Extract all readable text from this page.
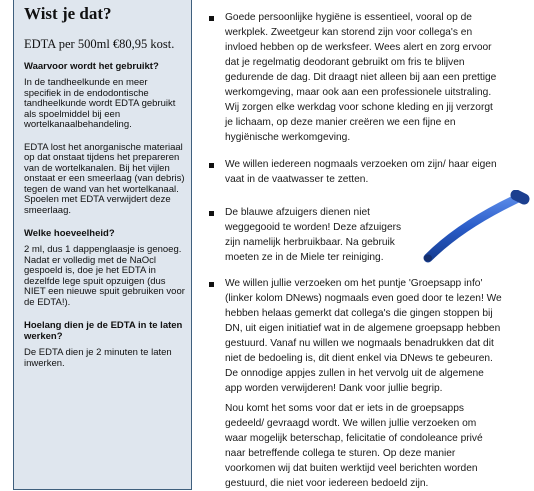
Wist je dat?
EDTA per 500ml €80,95 kost.
Waarvoor wordt het gebruikt?
In de tandheelkunde en meer specifiek in de endodontische tandheelkunde wordt EDTA gebruikt als spoelmiddel bij een wortelkanaalbehandeling.
EDTA lost het anorganische materiaal op dat onstaat tijdens het prepareren van de wortelkanalen. Bij het vijlen onstaat er een smeerlaag (van debris) tegen de wand van het wortelkanaal. Spoelen met EDTA verwijdert deze smeerlaag.
Welke hoeveelheid?
2 ml, dus 1 dappenglaasje is genoeg. Nadat er volledig met de NaOcl gespoeld is, doe je het EDTA in dezelfde lege spuit opzuigen (dus NIET een nieuwe spuit gebruiken voor de EDTA!).
Hoelang dien je de EDTA in te laten werken?
De EDTA dien je 2 minuten te laten inwerken.
Goede persoonlijke hygiëne is essentieel, vooral op de
werkplek. Zweetgeur kan storend zijn voor collega's en
invloed hebben op de werksfeer. Wees alert en zorg ervoor
dat je regelmatig deodorant gebruikt om fris te blijven
gedurende de dag. Dit draagt niet alleen bij aan een prettige
werkomgeving, maar ook aan een professionele uitstraling.
Wij zorgen elke werkdag voor schone kleding en jij verzorgt
je lichaam, op deze manier creëren we een fijne en
hygiënische werkomgeving.
We willen iedereen nogmaals verzoeken om zijn/ haar eigen
vaat in de vaatwasser te zetten.
De blauwe afzuigers dienen niet
weggegooid te worden! Deze afzuigers
zijn namelijk herbruikbaar. Na gebruik
moeten ze in de Miele ter reiniging.
We willen jullie verzoeken om het puntje 'Groepsapp info'
(linker kolom DNews) nogmaals even goed door te lezen! We
hebben helaas gemerkt dat collega's die gingen stoppen bij
DN, uit eigen initiatief wat in de algemene groepsapp hebben
gestuurd. Vanaf nu willen we nogmaals benadrukken dat dit
niet de bedoeling is, dit dient enkel via DNews te gebeuren.
De onnodige appjes zullen in het vervolg uit de algemene
app worden verwijderen! Dank voor jullie begrip.
Nou komt het soms voor dat er iets in de groepsapps
gedeeld/ gevraagd wordt. We willen jullie verzoeken om
waar mogelijk beterschap, felicitatie of condoleance privé
naar betreffende collega te sturen. Op deze manier
voorkomen wij dat buiten werktijd veel berichten worden
gestuurd, die niet voor iedereen bedoeld zijn.
